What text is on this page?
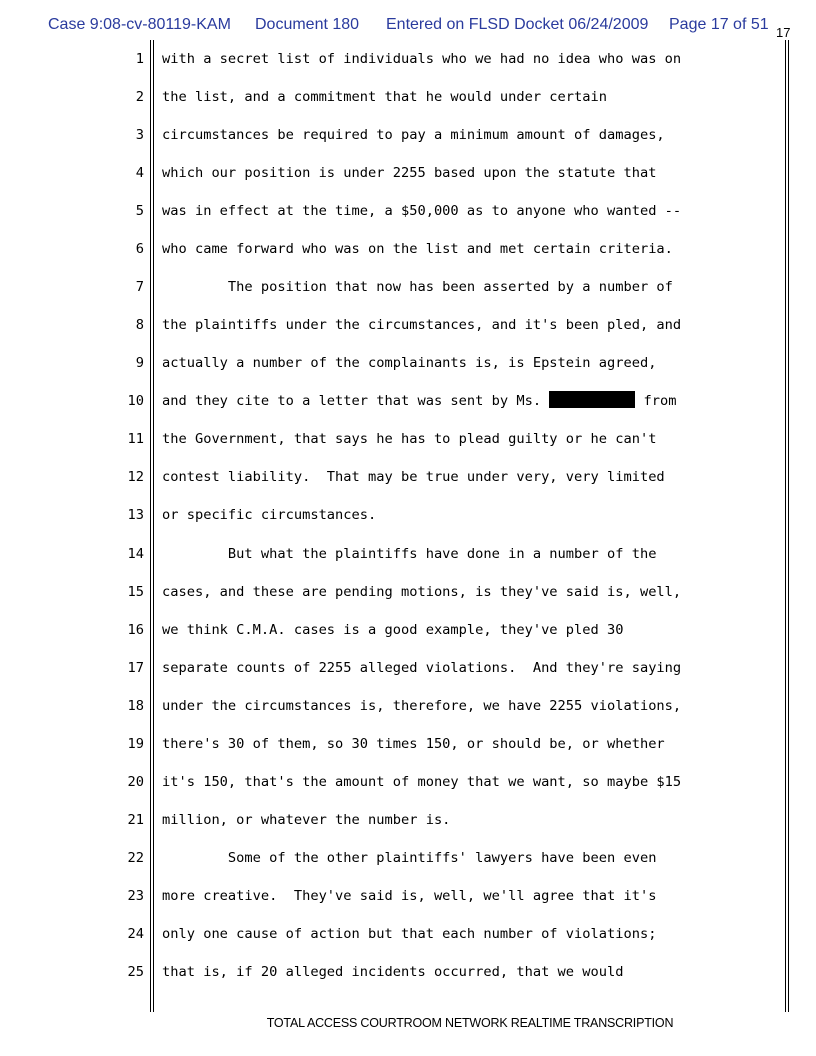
Case 9:08-cv-80119-KAM Document 180 Entered on FLSD Docket 06/24/2009 Page 17 of 51 17
1 with a secret list of individuals who we had no idea who was on
2 the list, and a commitment that he would under certain
3 circumstances be required to pay a minimum amount of damages,
4 which our position is under 2255 based upon the statute that
5 was in effect at the time, a $50,000 as to anyone who wanted --
6 who came forward who was on the list and met certain criteria.
7 The position that now has been asserted by a number of
8 the plaintiffs under the circumstances, and it's been pled, and
9 actually a number of the complainants is, is Epstein agreed,
10 and they cite to a letter that was sent by Ms.	from
11 the Government, that says he has to plead guilty or he can't
12 contest liability.  That may be true under very, very limited
13 or specific circumstances.
14 But what the plaintiffs have done in a number of the
15 cases, and these are pending motions, is they've said is, well,
16 we think C.M.A. cases is a good example, they've pled 30
17 separate counts of 2255 alleged violations.  And they're saying
18 under the circumstances is, therefore, we have 2255 violations,
19 there's 30 of them, so 30 times 150, or should be, or whether
20 it's 150, that's the amount of money that we want, so maybe $15
21 million, or whatever the number is.
22 Some of the other plaintiffs' lawyers have been even
23 more creative.  They've said is, well, we'll agree that it's
24 only one cause of action but that each number of violations;
25 that is, if 20 alleged incidents occurred, that we would
TOTAL ACCESS COURTROOM NETWORK REALTIME TRANSCRIPTION
